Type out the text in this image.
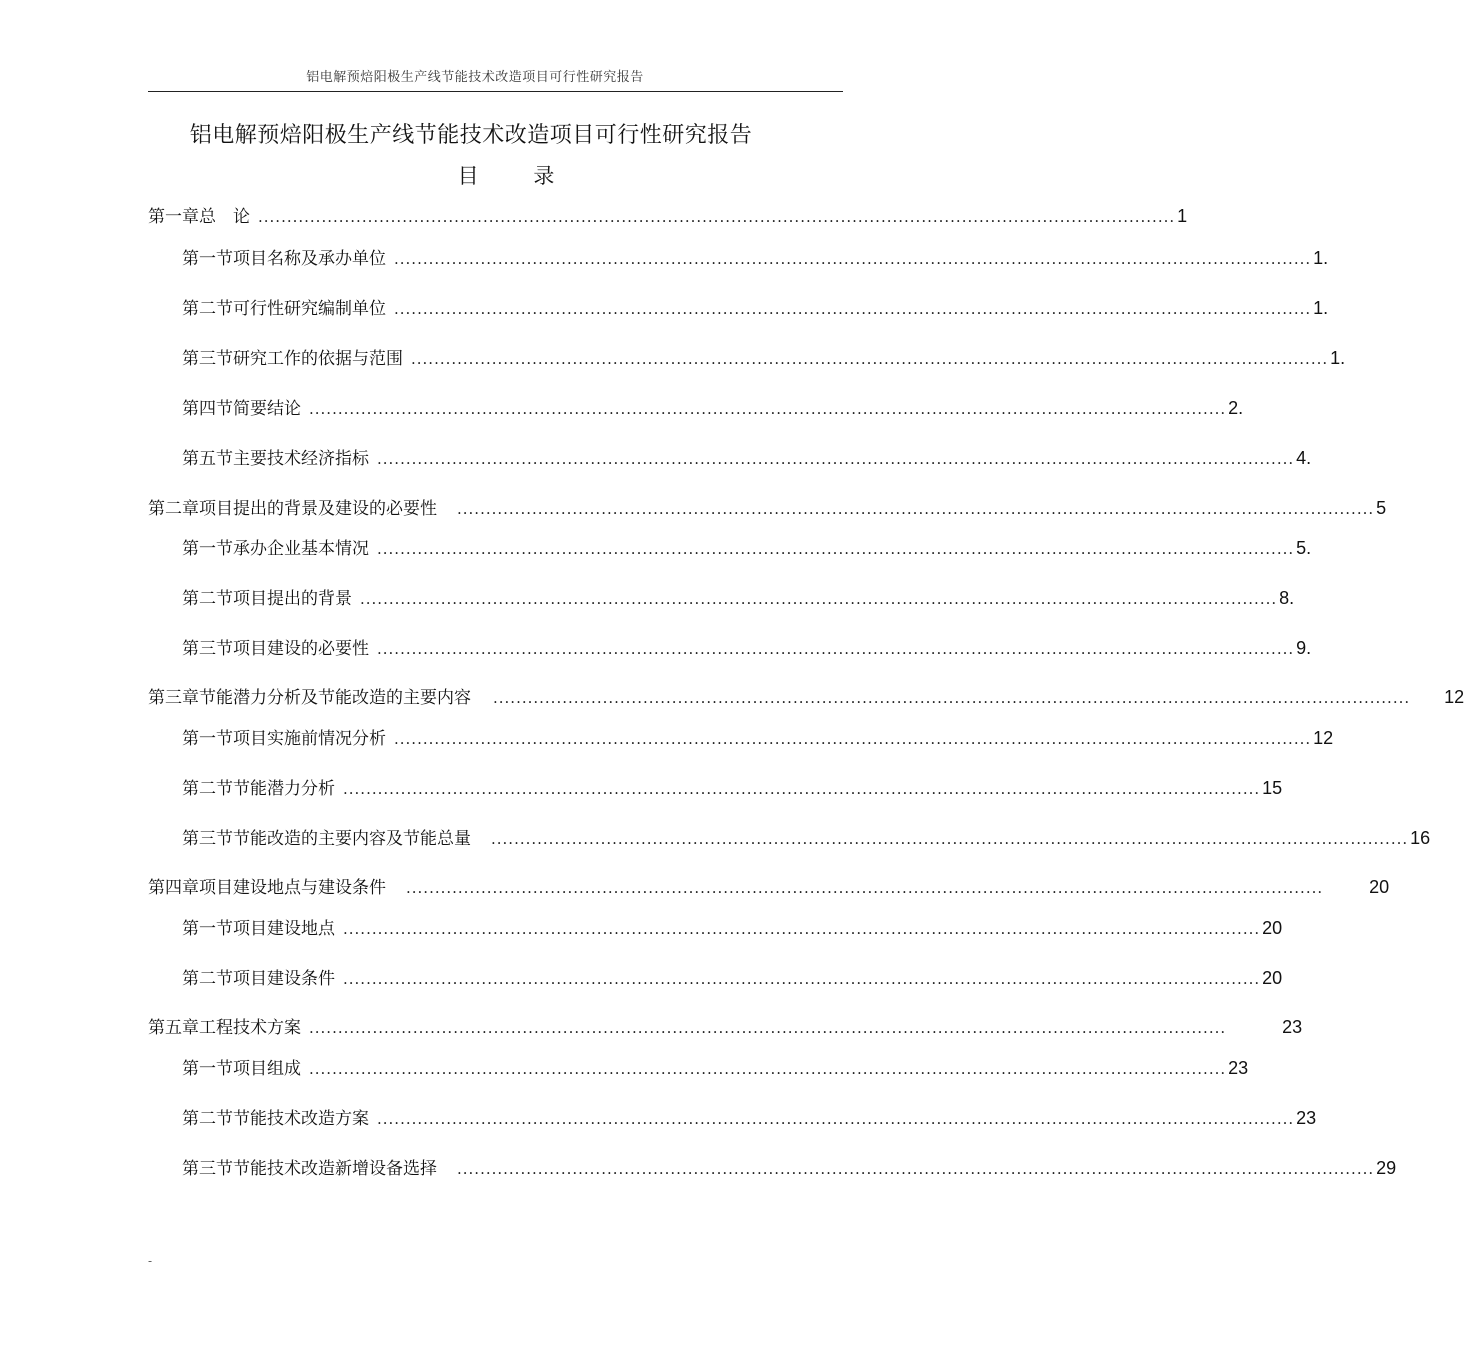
铝电解预焙阳极生产线节能技术改造项目可行性研究报告
铝电解预焙阳极生产线节能技术改造项目可行性研究报告
目 录
第一章 总　论 ............................................................................................................................................................... 1
第一节 项目名称及承办单位 ............................................................................................................................................................... 1.
第二节 可行性研究编制单位 ............................................................................................................................................................... 1.
第三节 研究工作的依据与范围 ............................................................................................................................................................... 1.
第四节 简要结论 ............................................................................................................................................................... 2.
第五节 主要技术经济指标 ............................................................................................................................................................... 4.
第二章 项目提出的背景及建设的必要性 ............................................................................................................................................................... 5
第一节 承办企业基本情况 ............................................................................................................................................................... 5.
第二节 项目提出的背景 ............................................................................................................................................................... 8.
第三节 项目建设的必要性 ............................................................................................................................................................... 9.
第三章 节能潜力分析及节能改造的主要内容 ............................................................................................................................................................... 12
第一节 项目实施前情况分析 ............................................................................................................................................................... 12
第二节 节能潜力分析 ............................................................................................................................................................... 15
第三节 节能改造的主要内容及节能总量 ............................................................................................................................................................... 16
第四章 项目建设地点与建设条件 ...............................................................................................................................................................	20
第一节 项目建设地点 ............................................................................................................................................................... 20
第二节 项目建设条件 ............................................................................................................................................................... 20
第五章 工程技术方案 ...............................................................................................................................................................	23
第一节 项目组成 ............................................................................................................................................................... 23
第二节 节能技术改造方案 ............................................................................................................................................................... 23
第三节 节能技术改造新增设备选择 ............................................................................................................................................................... 29
-
